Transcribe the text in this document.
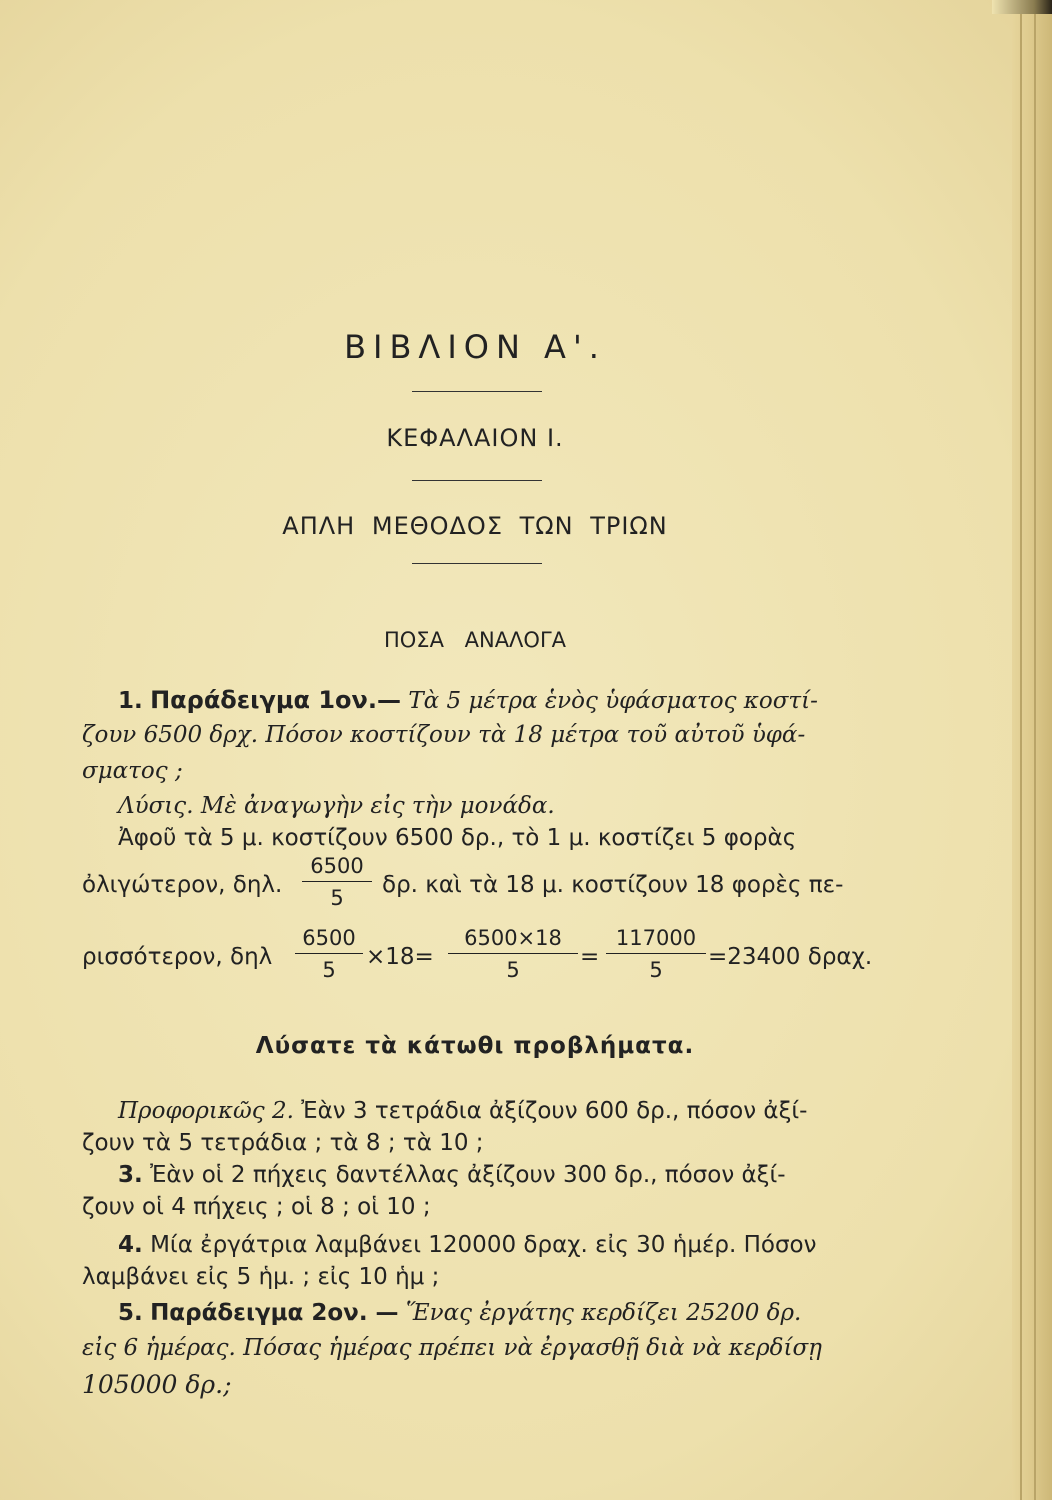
ΒΙΒΛΙΟΝ Α'.
ΚΕΦΑΛΑΙΟΝ Ι.
ΑΠΛΗ ΜΕΘΟΔΟΣ ΤΩΝ ΤΡΙΩΝ
ΠΟΣΑ ΑΝΑΛΟΓΑ
1. Παράδειγμα 1ον.— Τὰ 5 μέτρα ἑνὸς ὑφάσματος κοστί-
ζουν 6500 δρχ. Πόσον κοστίζουν τὰ 18 μέτρα τοῦ αὐτοῦ ὑφά-
σματος ;
Λύσις. Μὲ ἀναγωγὴν εἰς τὴν μονάδα.
Ἀφοῦ τὰ 5 μ. κοστίζουν 6500 δρ., τὸ 1 μ. κοστίζει 5 φορὰς
ὀλιγώτερον, δηλ.
6500
5	δρ. καὶ τὰ 18 μ. κοστίζουν 18 φορὲς πε-
ρισσότερον, δηλ
6500
5	×18=
6500×18
5	=
117000
5	=23400 δραχ.
Λύσατε τὰ κάτωθι προβλήματα.
Προφορικῶς 2. Ἐὰν 3 τετράδια ἀξίζουν 600 δρ., πόσον ἀξί-
ζουν τὰ 5 τετράδια ; τὰ 8 ; τὰ 10 ;
3. Ἐὰν οἱ 2 πήχεις δαντέλλας ἀξίζουν 300 δρ., πόσον ἀξί-
ζουν οἱ 4 πήχεις ; οἱ 8 ; οἱ 10 ;
4. Μία ἐργάτρια λαμβάνει 120000 δραχ. εἰς 30 ἡμέρ. Πόσον
λαμβάνει εἰς 5 ἡμ. ; εἰς 10 ἡμ ;
5. Παράδειγμα 2ον. — Ἕνας ἐργάτης κερδίζει 25200 δρ.
εἰς 6 ἡμέρας. Πόσας ἡμέρας πρέπει νὰ ἐργασθῇ διὰ νὰ κερδίσῃ
105000 δρ.;
